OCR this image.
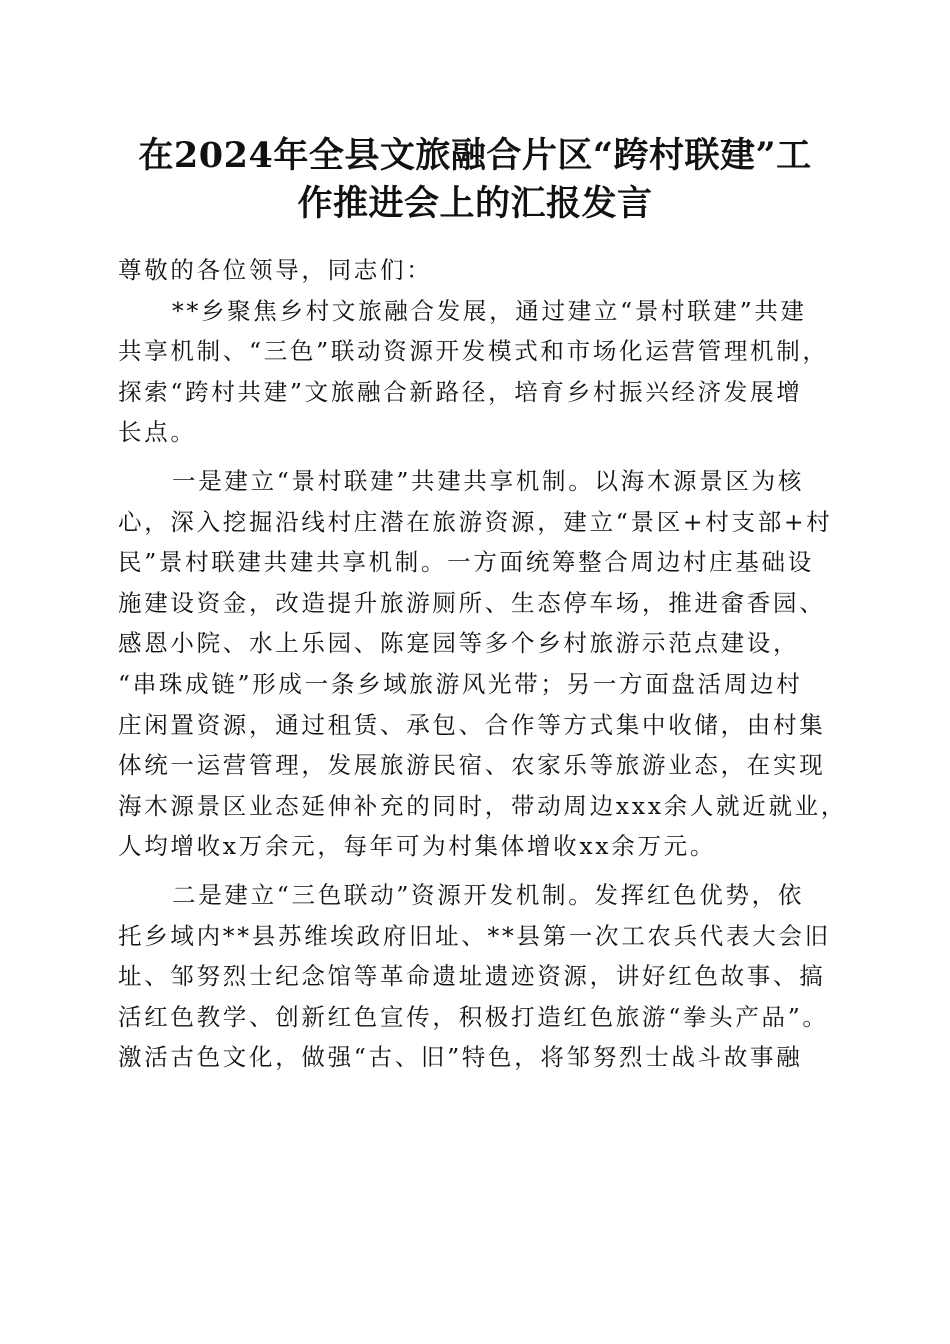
在2024年全县文旅融合片区“跨村联建”工
作推进会上的汇报发言
尊敬的各位领导，同志们：
**乡聚焦乡村文旅融合发展，通过建立“景村联建”共建
共享机制、“三色”联动资源开发模式和市场化运营管理机制，
探索“跨村共建”文旅融合新路径，培育乡村振兴经济发展增
长点。
一是建立“景村联建”共建共享机制。以海木源景区为核
心，深入挖掘沿线村庄潜在旅游资源，建立“景区+村支部+村
民”景村联建共建共享机制。一方面统筹整合周边村庄基础设
施建设资金，改造提升旅游厕所、生态停车场，推进畲香园、
感恩小院、水上乐园、陈寔园等多个乡村旅游示范点建设，
“串珠成链”形成一条乡域旅游风光带；另一方面盘活周边村
庄闲置资源，通过租赁、承包、合作等方式集中收储，由村集
体统一运营管理，发展旅游民宿、农家乐等旅游业态，在实现
海木源景区业态延伸补充的同时，带动周边xxx余人就近就业，
人均增收x万余元，每年可为村集体增收xx余万元。
二是建立“三色联动”资源开发机制。发挥红色优势，依
托乡域内**县苏维埃政府旧址、**县第一次工农兵代表大会旧
址、邹努烈士纪念馆等革命遗址遗迹资源，讲好红色故事、搞
活红色教学、创新红色宣传，积极打造红色旅游“拳头产品”。
激活古色文化，做强“古、旧”特色，将邹努烈士战斗故事融
